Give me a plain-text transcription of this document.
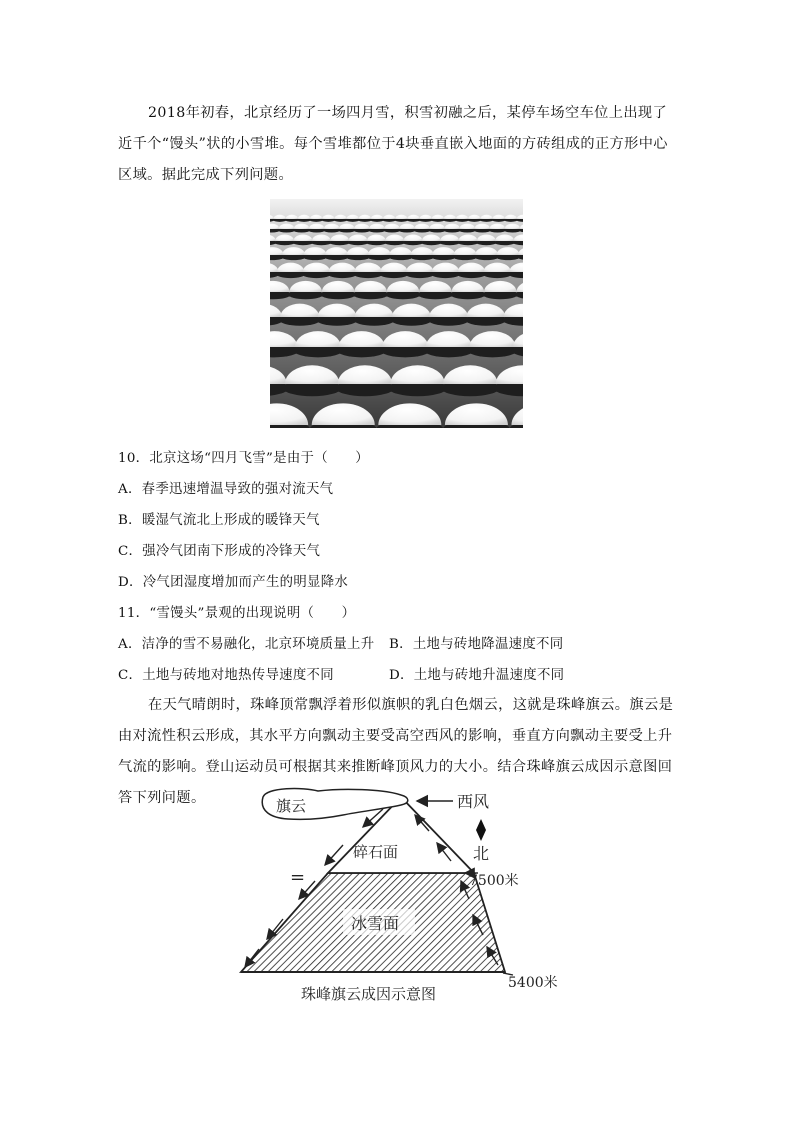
2018年初春，北京经历了一场四月雪，积雪初融之后，某停车场空车位上出现了近千个“馒头”状的小雪堆。每个雪堆都位于4块垂直嵌入地面的方砖组成的正方形中心区域。据此完成下列问题。
10．北京这场“四月飞雪”是由于（　　）
A．春季迅速增温导致的强对流天气
B．暖湿气流北上形成的暖锋天气
C．强冷气团南下形成的冷锋天气
D．冷气团湿度增加而产生的明显降水
11．“雪馒头”景观的出现说明（　　）
A．洁净的雪不易融化，北京环境质量上升 B．土地与砖地降温速度不同
C．土地与砖地对地热传导速度不同	D．土地与砖地升温速度不同
在天气晴朗时，珠峰顶常飘浮着形似旗帜的乳白色烟云，这就是珠峰旗云。旗云是由对流性积云形成，其水平方向飘动主要受高空西风的影响，垂直方向飘动主要受上升气流的影响。登山运动员可根据其来推断峰顶风力的大小。结合珠峰旗云成因示意图回答下列问题。	旗云	西风
北
碎石面
冰雪面
=	7500米
5400米
珠峰旗云成因示意图
